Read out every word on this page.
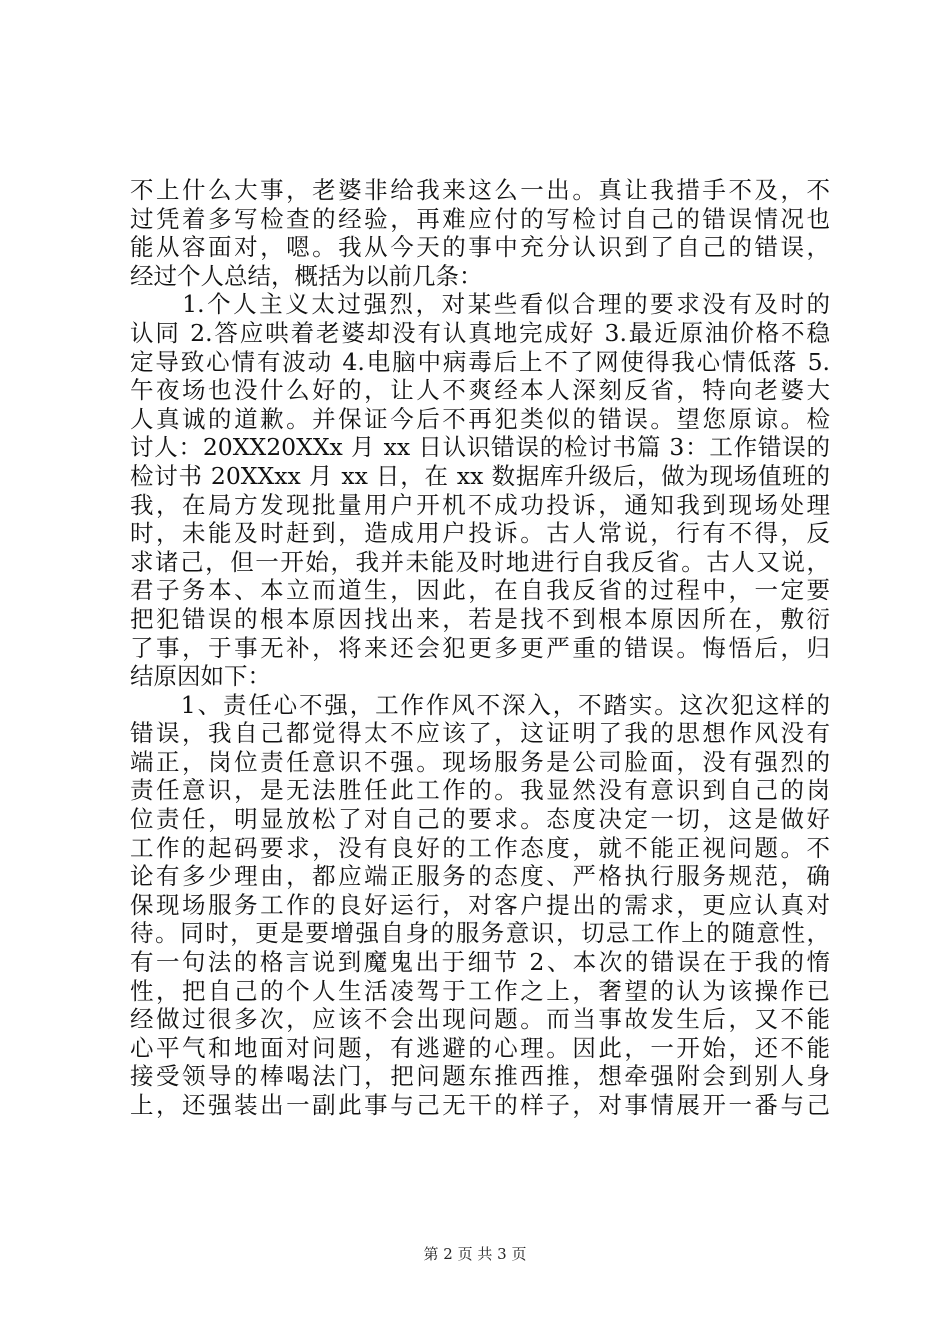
不上什么大事，老婆非给我来这么一出。真让我措手不及，不
过凭着多写检查的经验，再难应付的写检讨自己的错误情况也
能从容面对，嗯。我从今天的事中充分认识到了自己的错误，
经过个人总结，概括为以前几条：
　　1.个人主义太过强烈，对某些看似合理的要求没有及时的
认同 2.答应哄着老婆却没有认真地完成好 3.最近原油价格不稳
定导致心情有波动 4.电脑中病毒后上不了网使得我心情低落 5.
午夜场也没什么好的，让人不爽经本人深刻反省，特向老婆大
人真诚的道歉。并保证今后不再犯类似的错误。望您原谅。检
讨人：20XX20XXx 月 xx 日认识错误的检讨书篇 3：工作错误的
检讨书 20XXxx 月 xx 日，在 xx 数据库升级后，做为现场值班的
我，在局方发现批量用户开机不成功投诉，通知我到现场处理
时，未能及时赶到，造成用户投诉。古人常说，行有不得，反
求诸己，但一开始，我并未能及时地进行自我反省。古人又说，
君子务本、本立而道生，因此，在自我反省的过程中，一定要
把犯错误的根本原因找出来，若是找不到根本原因所在，敷衍
了事，于事无补，将来还会犯更多更严重的错误。悔悟后，归
结原因如下：
　　1、责任心不强，工作作风不深入，不踏实。这次犯这样的
错误，我自己都觉得太不应该了，这证明了我的思想作风没有
端正，岗位责任意识不强。现场服务是公司脸面，没有强烈的
责任意识，是无法胜任此工作的。我显然没有意识到自己的岗
位责任，明显放松了对自己的要求。态度决定一切，这是做好
工作的起码要求，没有良好的工作态度，就不能正视问题。不
论有多少理由，都应端正服务的态度、严格执行服务规范，确
保现场服务工作的良好运行，对客户提出的需求，更应认真对
待。同时，更是要增强自身的服务意识，切忌工作上的随意性，
有一句法的格言说到魔鬼出于细节 2、本次的错误在于我的惰
性，把自己的个人生活凌驾于工作之上，奢望的认为该操作已
经做过很多次，应该不会出现问题。而当事故发生后，又不能
心平气和地面对问题，有逃避的心理。因此，一开始，还不能
接受领导的棒喝法门，把问题东推西推，想牵强附会到别人身
上，还强装出一副此事与己无干的样子，对事情展开一番与己
第 2 页 共 3 页
